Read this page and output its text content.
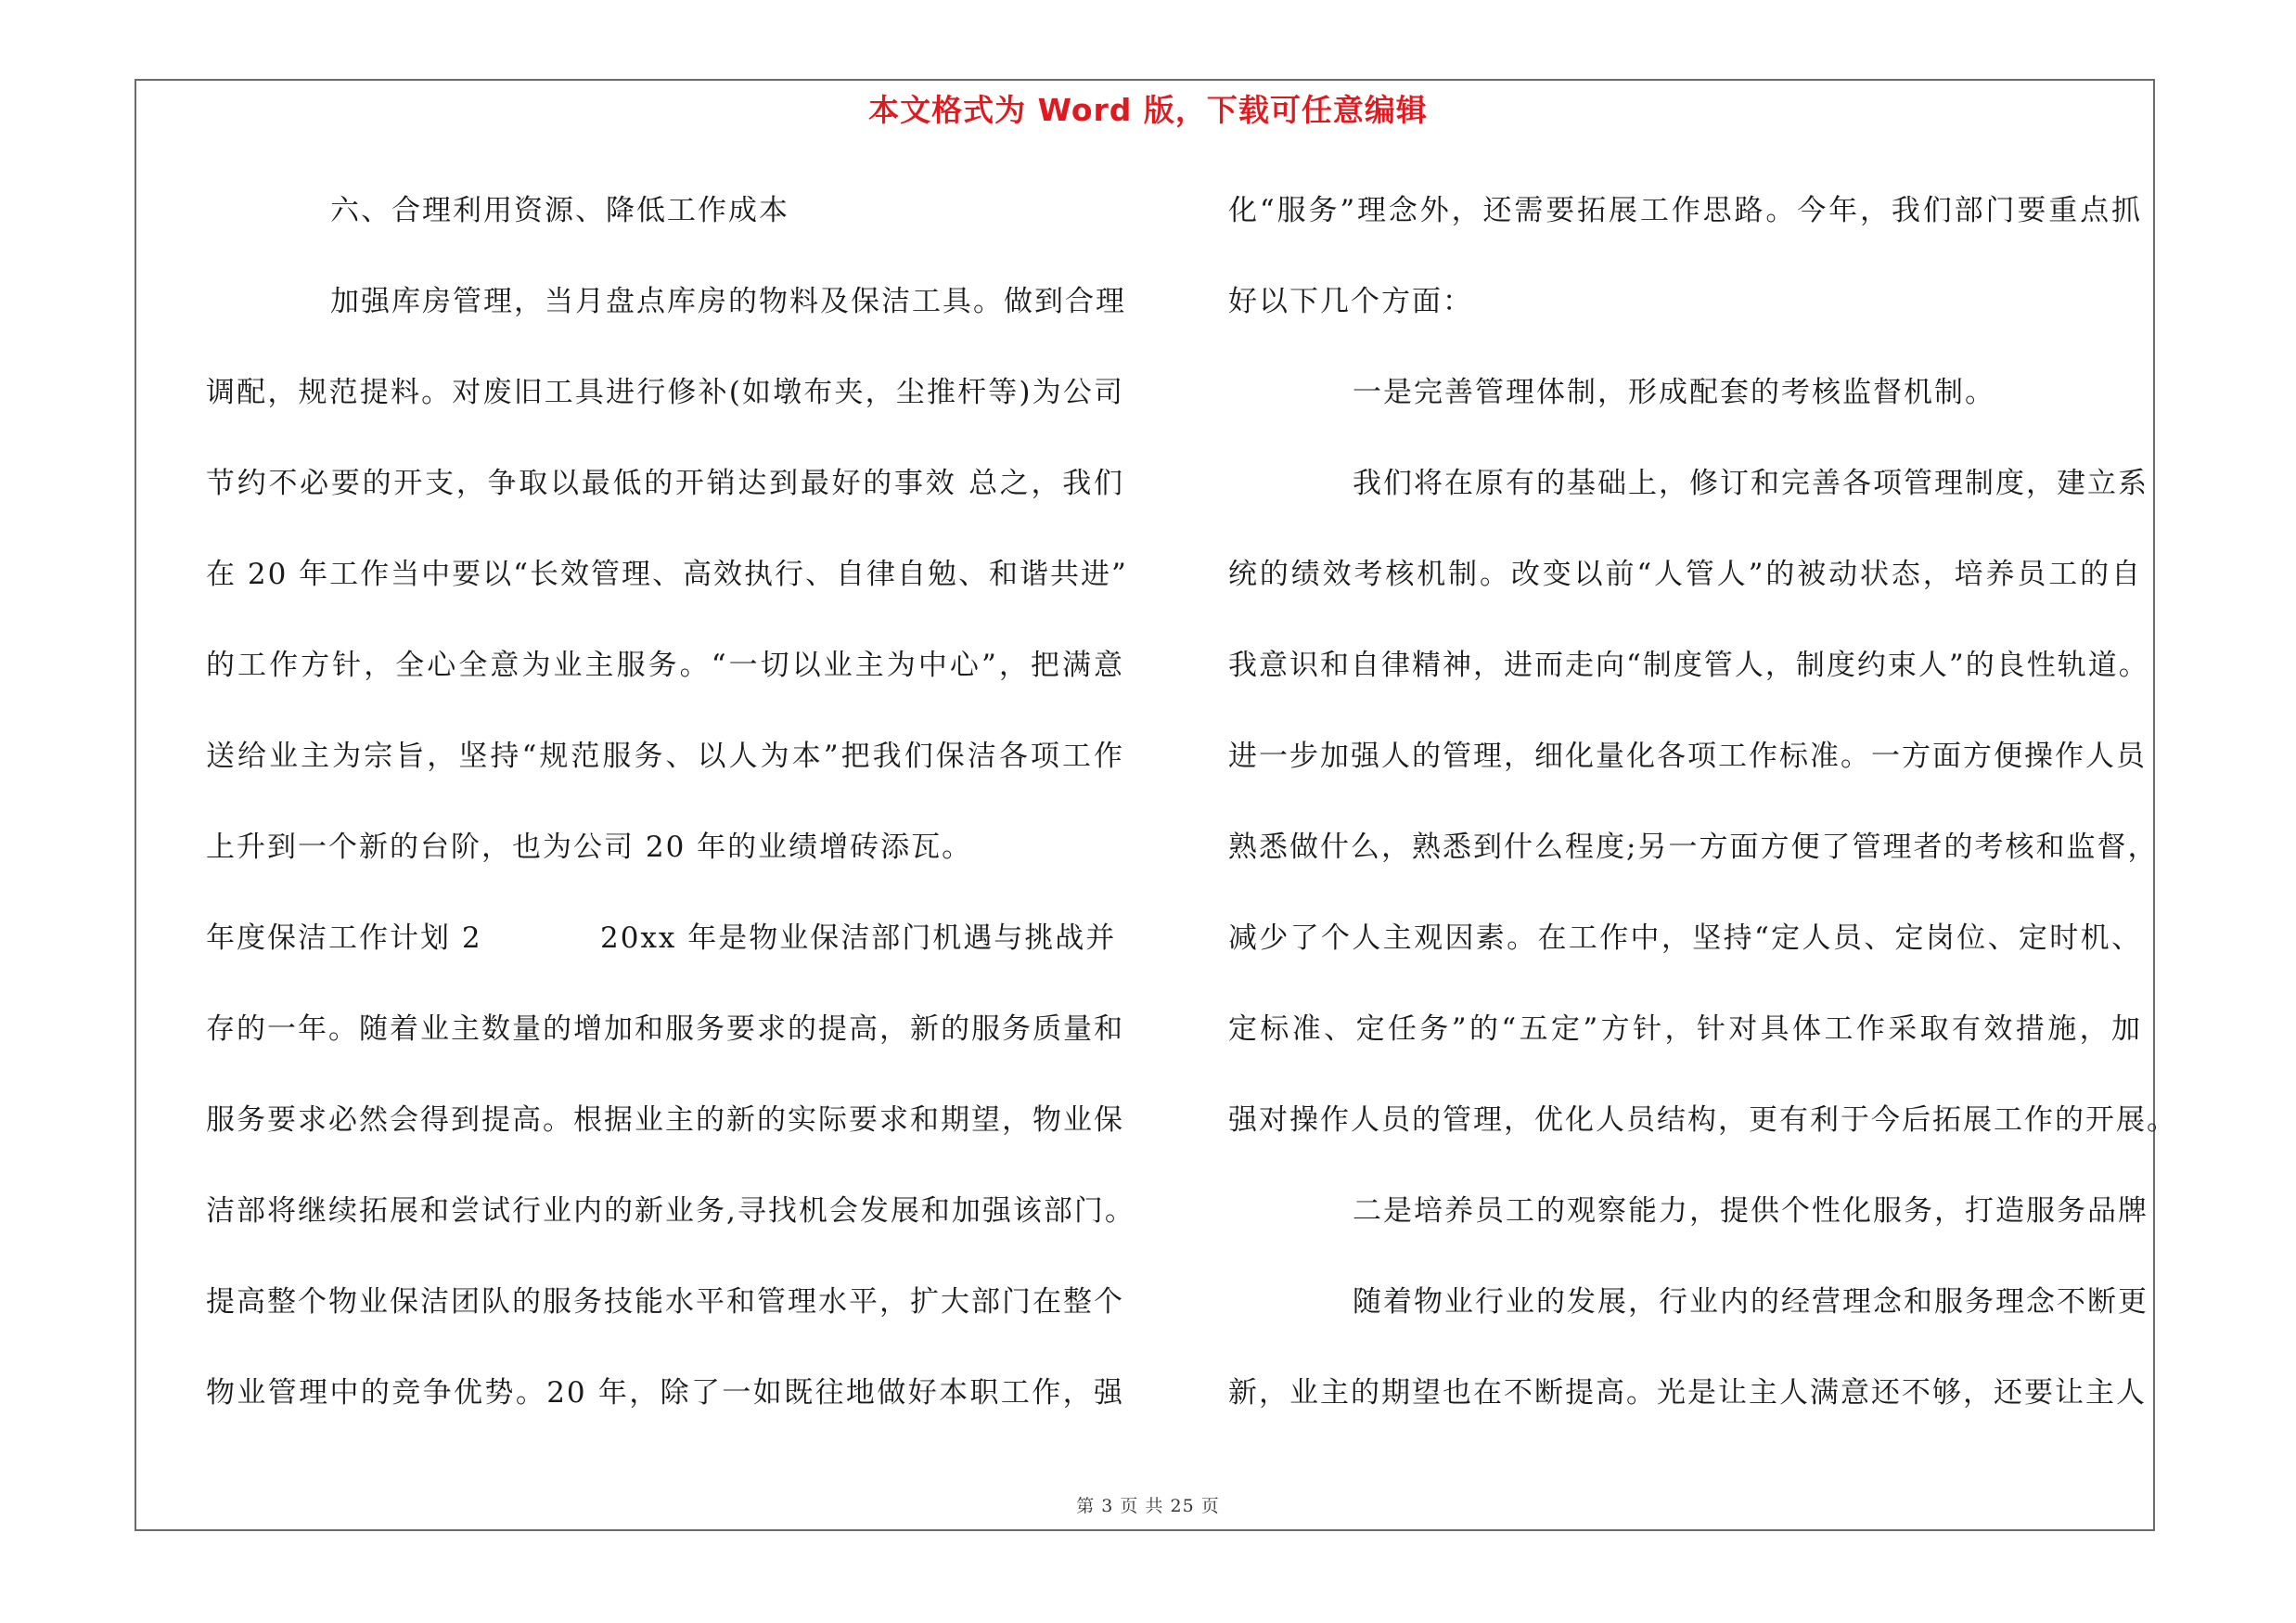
本文格式为 Word 版，下载可任意编辑
六、合理利用资源、降低工作成本
加强库房管理，当月盘点库房的物料及保洁工具。做到合理
调配，规范提料。对废旧工具进行修补(如墩布夹，尘推杆等)为公司
节约不必要的开支，争取以最低的开销达到最好的事效 总之，我们
在 20 年工作当中要以“长效管理、高效执行、自律自勉、和谐共进”
的工作方针，全心全意为业主服务。“一切以业主为中心”，把满意
送给业主为宗旨，坚持“规范服务、以人为本”把我们保洁各项工作
上升到一个新的台阶，也为公司 20 年的业绩增砖添瓦。
年度保洁工作计划 2	20xx 年是物业保洁部门机遇与挑战并
存的一年。随着业主数量的增加和服务要求的提高，新的服务质量和
服务要求必然会得到提高。根据业主的新的实际要求和期望，物业保
洁部将继续拓展和尝试行业内的新业务,寻找机会发展和加强该部门。
提高整个物业保洁团队的服务技能水平和管理水平，扩大部门在整个
物业管理中的竞争优势。20 年，除了一如既往地做好本职工作，强
化“服务”理念外，还需要拓展工作思路。今年，我们部门要重点抓
好以下几个方面：
一是完善管理体制，形成配套的考核监督机制。
我们将在原有的基础上，修订和完善各项管理制度，建立系
统的绩效考核机制。改变以前“人管人”的被动状态，培养员工的自
我意识和自律精神，进而走向“制度管人，制度约束人”的良性轨道。
进一步加强人的管理，细化量化各项工作标准。一方面方便操作人员
熟悉做什么，熟悉到什么程度;另一方面方便了管理者的考核和监督，
减少了个人主观因素。在工作中，坚持“定人员、定岗位、定时机、
定标准、定任务”的“五定”方针，针对具体工作采取有效措施，加
强对操作人员的管理，优化人员结构，更有利于今后拓展工作的开展。
二是培养员工的观察能力，提供个性化服务，打造服务品牌
随着物业行业的发展，行业内的经营理念和服务理念不断更
新，业主的期望也在不断提高。光是让主人满意还不够，还要让主人
第 3 页 共 25 页
